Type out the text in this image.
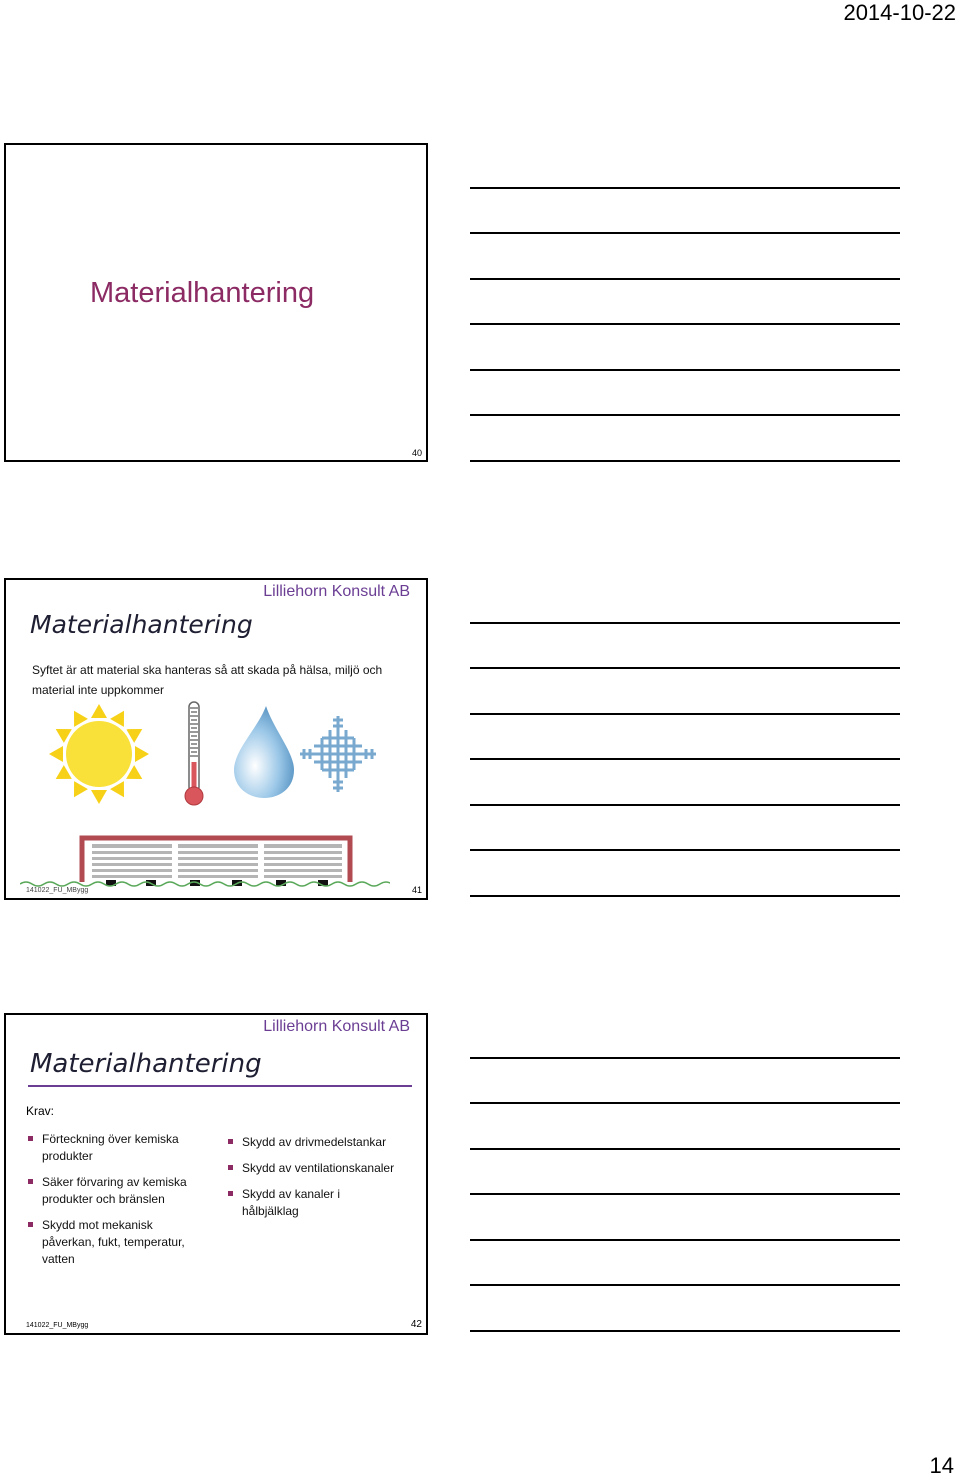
2014-10-22
Materialhantering
40
Lilliehorn Konsult AB
Materialhantering
Syftet är att material ska hanteras så att skada på hälsa, miljö och material inte uppkommer
141022_FU_MBygg	41
Lilliehorn Konsult AB
Materialhantering
Krav:
Förteckning över kemiska produkter
Säker förvaring av kemiska produkter och bränslen
Skydd mot mekanisk påverkan, fukt, temperatur, vatten
Skydd av drivmedelstankar
Skydd av ventilationskanaler
Skydd av kanaler i hålbjälklag
141022_FU_MBygg	42
14
